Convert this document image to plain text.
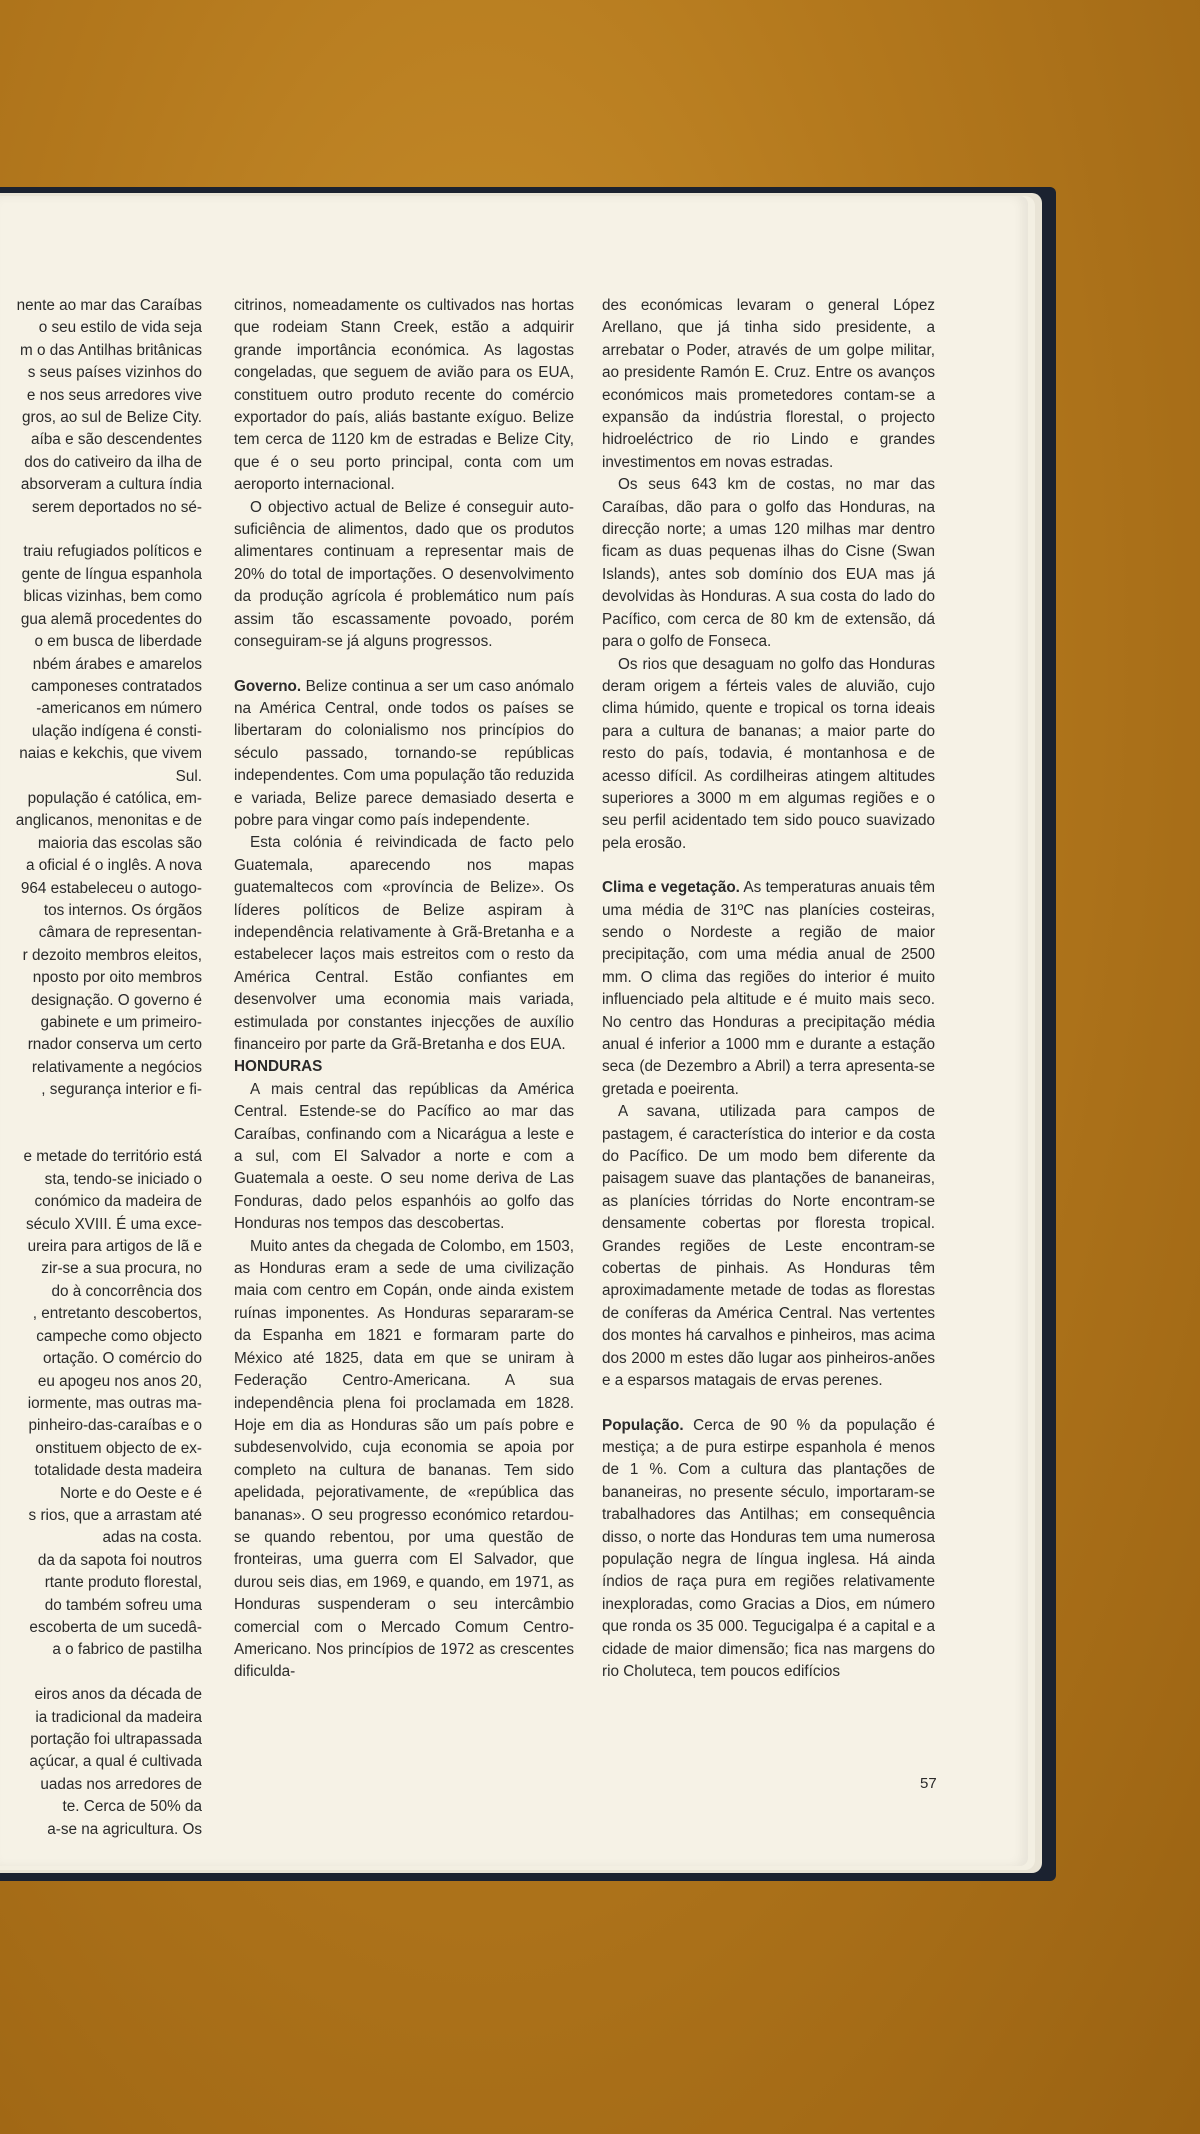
nente ao mar das Caraíbas
o seu estilo de vida seja
m o das Antilhas britânicas
s seus países vizinhos do
e nos seus arredores vive
gros, ao sul de Belize City.
aíba e são descendentes
dos do cativeiro da ilha de
absorveram a cultura índia
serem deportados no sé-

traiu refugiados políticos e
gente de língua espanhola
blicas vizinhas, bem como
gua alemã procedentes do
o em busca de liberdade
nbém árabes e amarelos
camponeses contratados
-americanos em número
ulação indígena é consti-
naias e kekchis, que vivem
Sul.
população é católica, em-
anglicanos, menonitas e de
maioria das escolas são
a oficial é o inglês. A nova
964 estabeleceu o autogo-
tos internos. Os órgãos
câmara de representan-
r dezoito membros eleitos,
nposto por oito membros
designação. O governo é
gabinete e um primeiro-
rnador conserva um certo
relativamente a negócios
, segurança interior e fi-

e metade do território está
sta, tendo-se iniciado o
conómico da madeira de
século XVIII. É uma exce-
ureira para artigos de lã e
zir-se a sua procura, no
do à concorrência dos
, entretanto descobertos,
campeche como objecto
ortação. O comércio do
eu apogeu nos anos 20,
iormente, mas outras ma-
pinheiro-das-caraíbas e o
onstituem objecto de ex-
totalidade desta madeira
Norte e do Oeste e é
s rios, que a arrastam até
adas na costa.
da da sapota foi noutros
rtante produto florestal,
do também sofreu uma
escoberta de um sucedâ-
a o fabrico de pastilha

eiros anos da década de
ia tradicional da madeira
portação foi ultrapassada
açúcar, a qual é cultivada
uadas nos arredores de
te. Cerca de 50% da
a-se na agricultura. Os

citrinos, nomeadamente os cultivados nas hortas que rodeiam Stann Creek, estão a adquirir grande importância económica. As lagostas congeladas, que seguem de avião para os EUA, constituem outro produto recente do comércio exportador do país, aliás bastante exíguo. Belize tem cerca de 1120 km de estradas e Belize City, que é o seu porto principal, conta com um aeroporto internacional.

O objectivo actual de Belize é conseguir auto-suficiência de alimentos, dado que os produtos alimentares continuam a representar mais de 20% do total de importações. O desenvolvimento da produção agrícola é problemático num país assim tão escassamente povoado, porém conseguiram-se já alguns progressos.

Governo. Belize continua a ser um caso anómalo na América Central, onde todos os países se libertaram do colonialismo nos princípios do século passado, tornando-se repúblicas independentes. Com uma população tão reduzida e variada, Belize parece demasiado deserta e pobre para vingar como país independente.

Esta colónia é reivindicada de facto pelo Guatemala, aparecendo nos mapas guatemaltecos com «província de Belize». Os líderes políticos de Belize aspiram à independência relativamente à Grã-Bretanha e a estabelecer laços mais estreitos com o resto da América Central. Estão confiantes em desenvolver uma economia mais variada, estimulada por constantes injecções de auxílio financeiro por parte da Grã-Bretanha e dos EUA.

HONDURAS

A mais central das repúblicas da América Central. Estende-se do Pacífico ao mar das Caraíbas, confinando com a Nicarágua a leste e a sul, com El Salvador a norte e com a Guatemala a oeste. O seu nome deriva de Las Fonduras, dado pelos espanhóis ao golfo das Honduras nos tempos das descobertas.

Muito antes da chegada de Colombo, em 1503, as Honduras eram a sede de uma civilização maia com centro em Copán, onde ainda existem ruínas imponentes. As Honduras separaram-se da Espanha em 1821 e formaram parte do México até 1825, data em que se uniram à Federação Centro-Americana. A sua independência plena foi proclamada em 1828. Hoje em dia as Honduras são um país pobre e subdesenvolvido, cuja economia se apoia por completo na cultura de bananas. Tem sido apelidada, pejorativamente, de «república das bananas». O seu progresso económico retardou-se quando rebentou, por uma questão de fronteiras, uma guerra com El Salvador, que durou seis dias, em 1969, e quando, em 1971, as Honduras suspenderam o seu intercâmbio comercial com o Mercado Comum Centro-Americano. Nos princípios de 1972 as crescentes dificulda-

des económicas levaram o general López Arellano, que já tinha sido presidente, a arrebatar o Poder, através de um golpe militar, ao presidente Ramón E. Cruz. Entre os avanços económicos mais prometedores contam-se a expansão da indústria florestal, o projecto hidroeléctrico de rio Lindo e grandes investimentos em novas estradas.

Os seus 643 km de costas, no mar das Caraíbas, dão para o golfo das Honduras, na direcção norte; a umas 120 milhas mar dentro ficam as duas pequenas ilhas do Cisne (Swan Islands), antes sob domínio dos EUA mas já devolvidas às Honduras. A sua costa do lado do Pacífico, com cerca de 80 km de extensão, dá para o golfo de Fonseca.

Os rios que desaguam no golfo das Honduras deram origem a férteis vales de aluvião, cujo clima húmido, quente e tropical os torna ideais para a cultura de bananas; a maior parte do resto do país, todavia, é montanhosa e de acesso difícil. As cordilheiras atingem altitudes superiores a 3000 m em algumas regiões e o seu perfil acidentado tem sido pouco suavizado pela erosão.

Clima e vegetação. As temperaturas anuais têm uma média de 31ºC nas planícies costeiras, sendo o Nordeste a região de maior precipitação, com uma média anual de 2500 mm. O clima das regiões do interior é muito influenciado pela altitude e é muito mais seco. No centro das Honduras a precipitação média anual é inferior a 1000 mm e durante a estação seca (de Dezembro a Abril) a terra apresenta-se gretada e poeirenta.

A savana, utilizada para campos de pastagem, é característica do interior e da costa do Pacífico. De um modo bem diferente da paisagem suave das plantações de bananeiras, as planícies tórridas do Norte encontram-se densamente cobertas por floresta tropical. Grandes regiões de Leste encontram-se cobertas de pinhais. As Honduras têm aproximadamente metade de todas as florestas de coníferas da América Central. Nas vertentes dos montes há carvalhos e pinheiros, mas acima dos 2000 m estes dão lugar aos pinheiros-anões e a esparsos matagais de ervas perenes.

População. Cerca de 90 % da população é mestiça; a de pura estirpe espanhola é menos de 1 %. Com a cultura das plantações de bananeiras, no presente século, importaram-se trabalhadores das Antilhas; em consequência disso, o norte das Honduras tem uma numerosa população negra de língua inglesa. Há ainda índios de raça pura em regiões relativamente inexploradas, como Gracias a Dios, em número que ronda os 35 000. Tegucigalpa é a capital e a cidade de maior dimensão; fica nas margens do rio Choluteca, tem poucos edifícios

57
